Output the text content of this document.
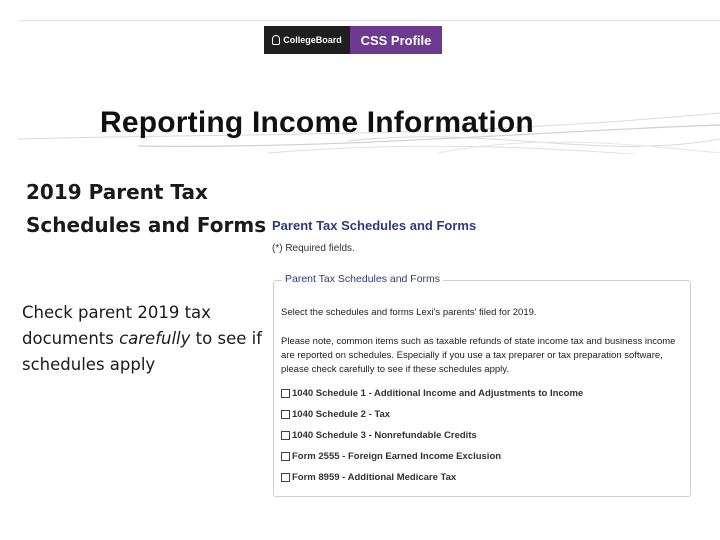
CollegeBoard	CSS Profile
Reporting Income Information
2019 Parent Tax
Schedules and Forms
Check parent 2019 tax documents carefully to see if schedules apply
Parent Tax Schedules and Forms
(*) Required fields.
Parent Tax Schedules and Forms
Select the schedules and forms Lexi's parents' filed for 2019.
Please note, common items such as taxable refunds of state income tax and business income are reported on schedules. Especially if you use a tax preparer or tax preparation software, please check carefully to see if these schedules apply.
1040 Schedule 1 - Additional Income and Adjustments to Income
1040 Schedule 2 - Tax
1040 Schedule 3 - Nonrefundable Credits
Form 2555 - Foreign Earned Income Exclusion
Form 8959 - Additional Medicare Tax
